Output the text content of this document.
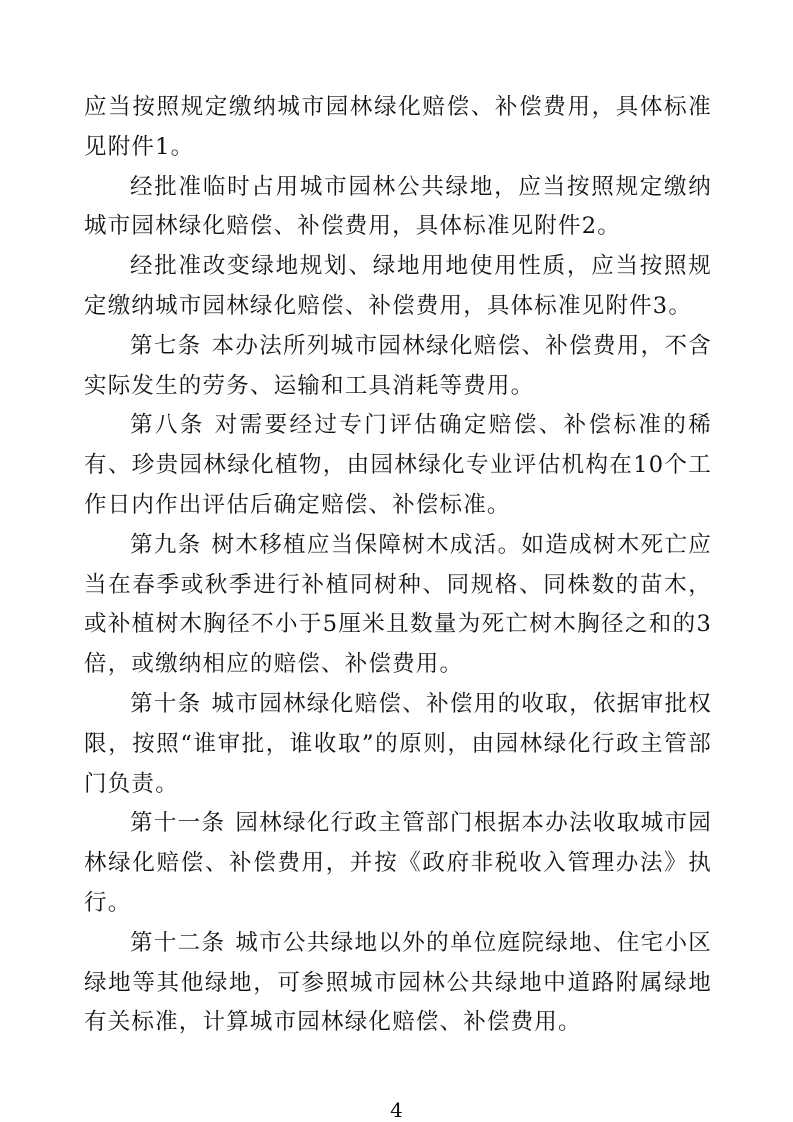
应当按照规定缴纳城市园林绿化赔偿、补偿费用，具体标准见附件1。

经批准临时占用城市园林公共绿地，应当按照规定缴纳城市园林绿化赔偿、补偿费用，具体标准见附件2。

经批准改变绿地规划、绿地用地使用性质，应当按照规定缴纳城市园林绿化赔偿、补偿费用，具体标准见附件3。

第七条 本办法所列城市园林绿化赔偿、补偿费用，不含实际发生的劳务、运输和工具消耗等费用。

第八条 对需要经过专门评估确定赔偿、补偿标准的稀有、珍贵园林绿化植物，由园林绿化专业评估机构在10个工作日内作出评估后确定赔偿、补偿标准。

第九条 树木移植应当保障树木成活。如造成树木死亡应当在春季或秋季进行补植同树种、同规格、同株数的苗木，或补植树木胸径不小于5厘米且数量为死亡树木胸径之和的3倍，或缴纳相应的赔偿、补偿费用。

第十条 城市园林绿化赔偿、补偿用的收取，依据审批权限，按照“谁审批，谁收取”的原则，由园林绿化行政主管部门负责。

第十一条 园林绿化行政主管部门根据本办法收取城市园林绿化赔偿、补偿费用，并按《政府非税收入管理办法》执行。

第十二条 城市公共绿地以外的单位庭院绿地、住宅小区绿地等其他绿地，可参照城市园林公共绿地中道路附属绿地有关标准，计算城市园林绿化赔偿、补偿费用。

4
